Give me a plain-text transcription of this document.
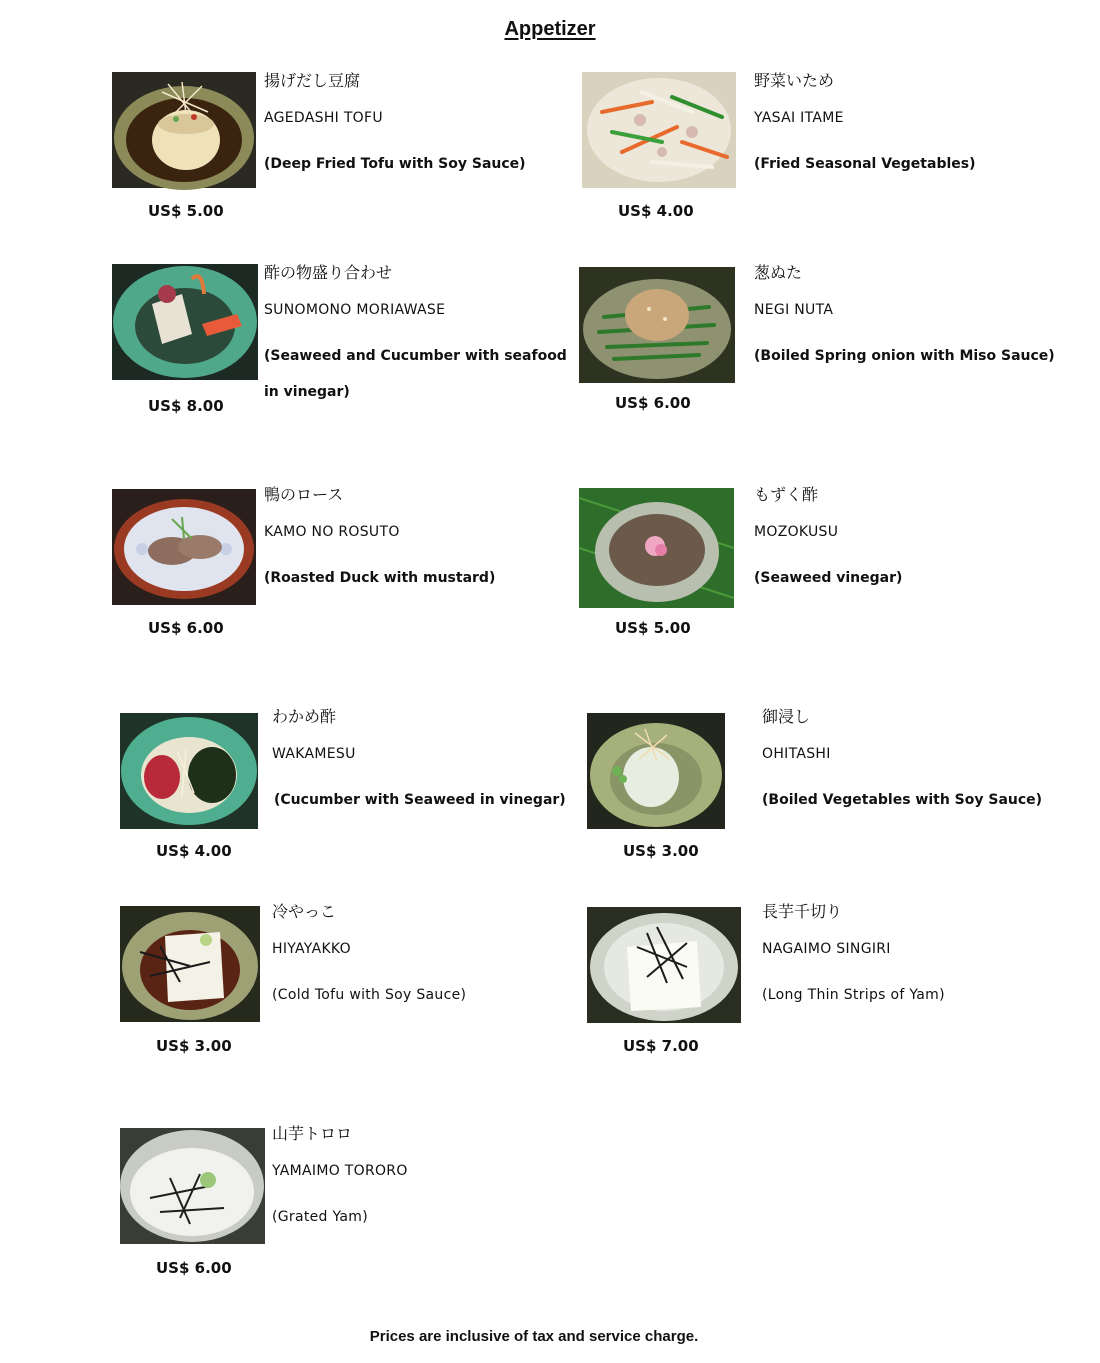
Appetizer
US$ 5.00
揚げだし豆腐
AGEDASHI TOFU
(Deep Fried Tofu with Soy Sauce)
US$ 4.00
野菜いため
YASAI ITAME
(Fried Seasonal Vegetables)
US$ 8.00
酢の物盛り合わせ
SUNOMONO MORIAWASE
(Seaweed and Cucumber with seafood in vinegar)
US$ 6.00
葱ぬた
NEGI NUTA
(Boiled Spring onion with Miso Sauce)
US$ 6.00
鴨のロース
KAMO NO ROSUTO
(Roasted Duck with mustard)
US$ 5.00
もずく酢
MOZOKUSU
(Seaweed vinegar)
US$ 4.00
わかめ酢
WAKAMESU
(Cucumber with Seaweed in vinegar)
US$ 3.00
御浸し
OHITASHI
(Boiled Vegetables with Soy Sauce)
US$ 3.00
冷やっこ
HIYAYAKKO
(Cold Tofu with Soy Sauce)
US$ 7.00
長芋千切り
NAGAIMO SINGIRI
(Long Thin Strips of Yam)
US$ 6.00
山芋トロロ
YAMAIMO TORORO
(Grated Yam)
Prices are inclusive of tax and service charge.
